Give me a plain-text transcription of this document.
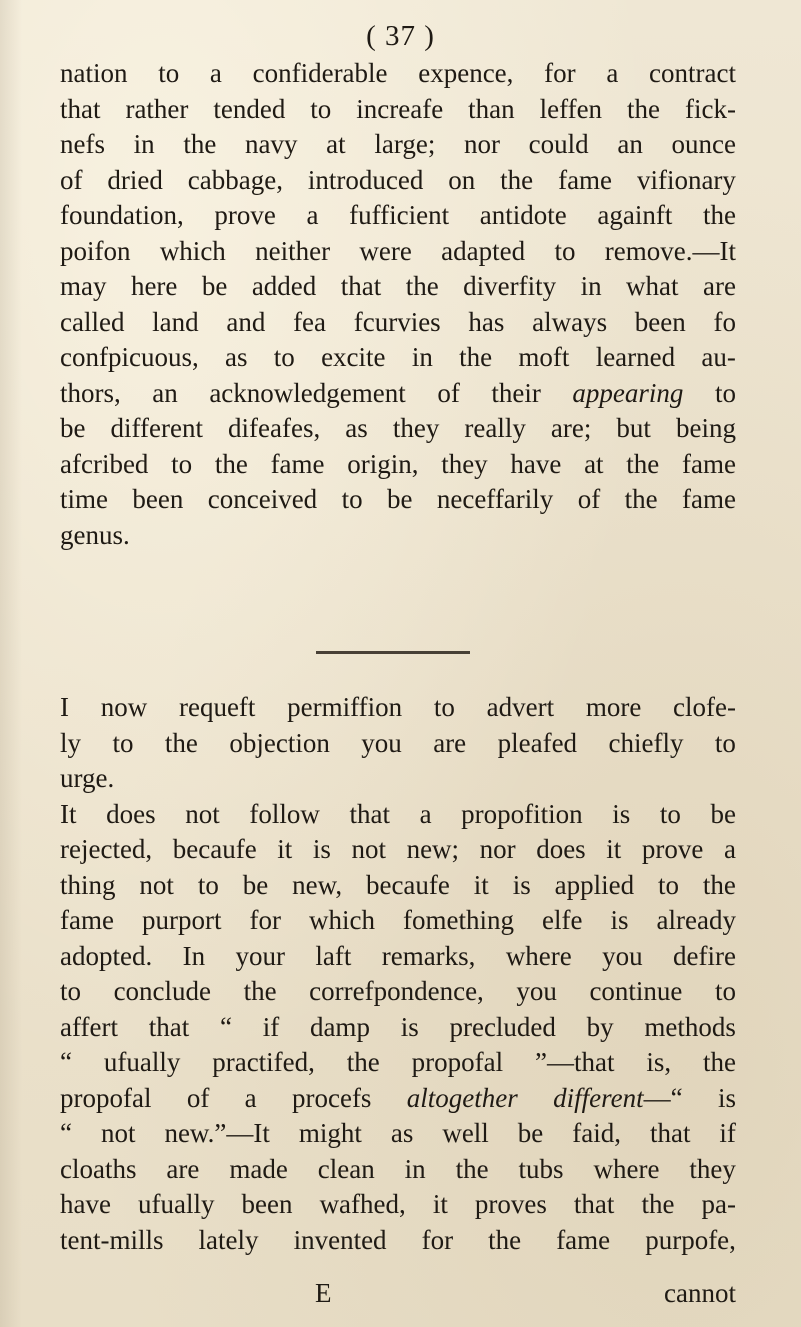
( 37 )
nation to a confiderable expence, for a contract
that rather tended to increafe than leffen the fick-
nefs in the navy at large; nor could an ounce
of dried cabbage, introduced on the fame vifionary
foundation, prove a fufficient antidote againft the
poifon which neither were adapted to remove.—It
may here be added that the diverfity in what are
called land and fea fcurvies has always been fo
confpicuous, as to excite in the moft learned au-
thors, an acknowledgement of their appearing to
be different difeafes, as they really are; but being
afcribed to the fame origin, they have at the fame
time been conceived to be neceffarily of the fame
genus.
I now requeft permiffion to advert more clofe-
ly to the objection you are pleafed chiefly to
urge.
It does not follow that a propofition is to be
rejected, becaufe it is not new; nor does it prove a
thing not to be new, becaufe it is applied to the
fame purport for which fomething elfe is already
adopted. In your laft remarks, where you defire
to conclude the correfpondence, you continue to
affert that “ if damp is precluded by methods
“ ufually practifed, the propofal ”—that is, the
propofal of a procefs altogether different—“ is
“ not new.”—It might as well be faid, that if
cloaths are made clean in the tubs where they
have ufually been wafhed, it proves that the pa-
tent-mills lately invented for the fame purpofe,
E	cannot
